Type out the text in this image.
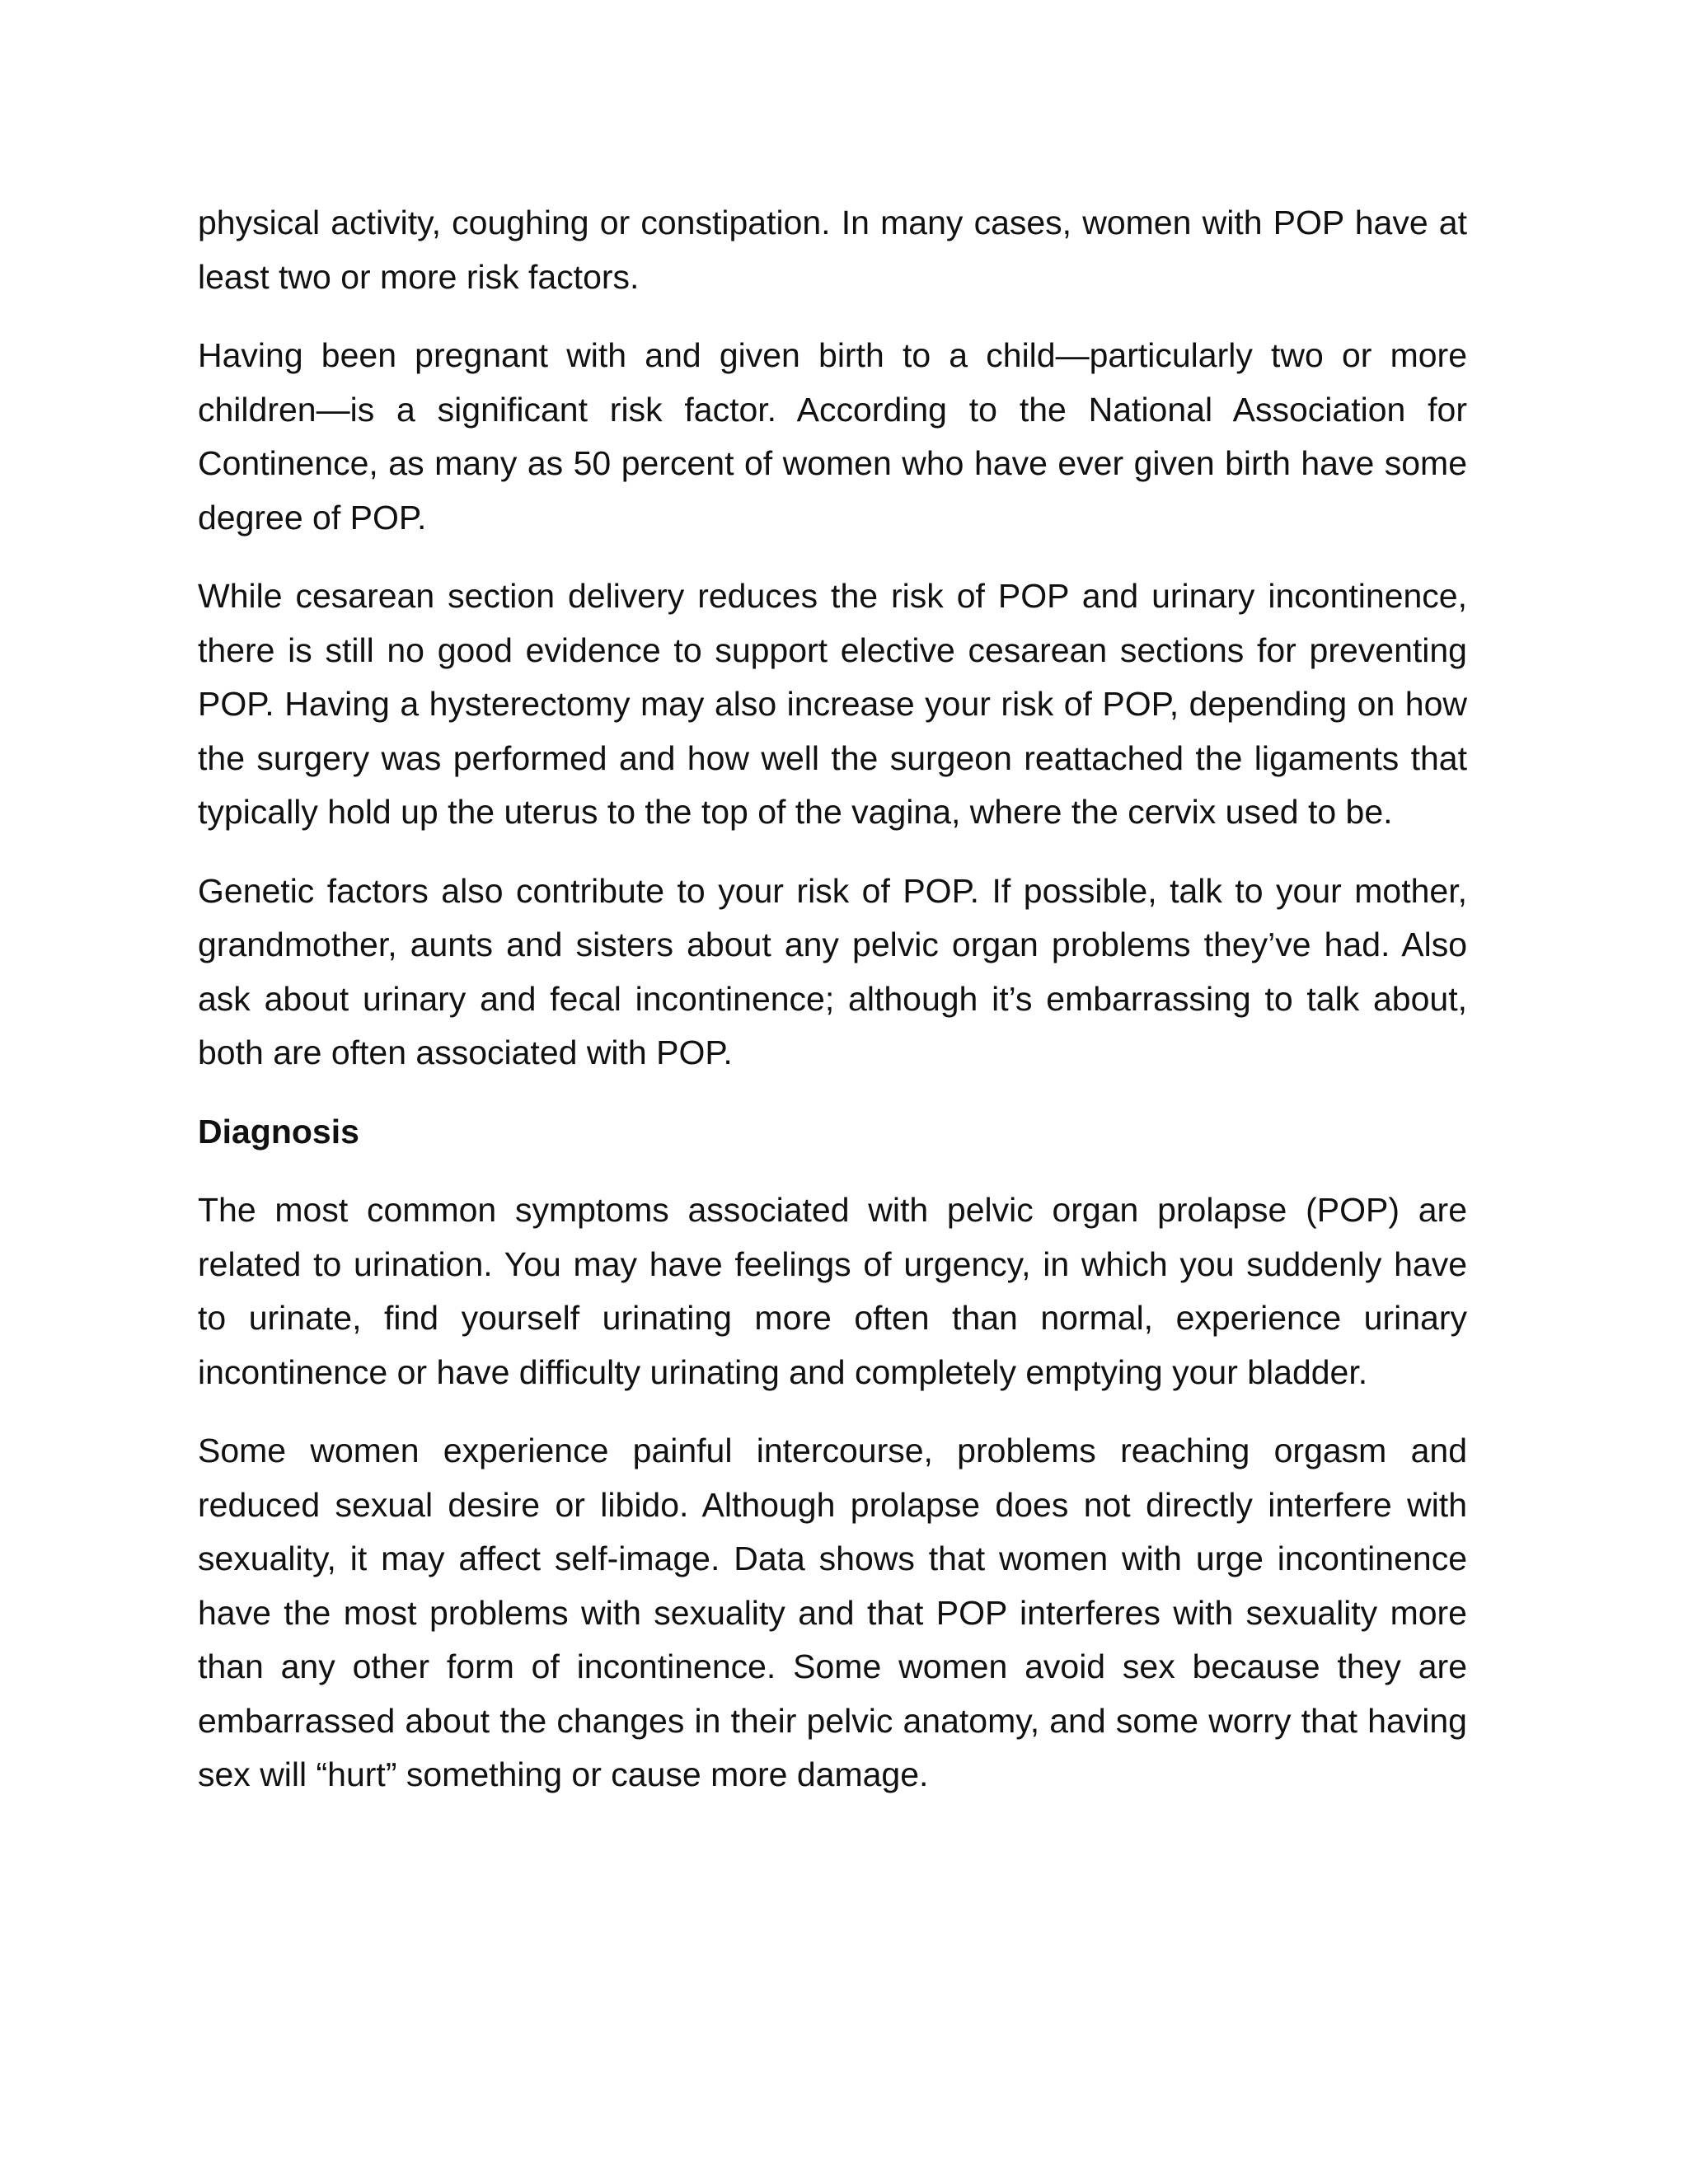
physical activity, coughing or constipation. In many cases, women with POP have at least two or more risk factors.

Having been pregnant with and given birth to a child—particularly two or more children—is a significant risk factor. According to the National Association for Continence, as many as 50 percent of women who have ever given birth have some degree of POP.

While cesarean section delivery reduces the risk of POP and urinary incontinence, there is still no good evidence to support elective cesarean sections for preventing POP. Having a hysterectomy may also increase your risk of POP, depending on how the surgery was performed and how well the surgeon reattached the ligaments that typically hold up the uterus to the top of the vagina, where the cervix used to be.

Genetic factors also contribute to your risk of POP. If possible, talk to your mother, grandmother, aunts and sisters about any pelvic organ problems they’ve had. Also ask about urinary and fecal incontinence; although it’s embarrassing to talk about, both are often associated with POP.

Diagnosis

The most common symptoms associated with pelvic organ prolapse (POP) are related to urination. You may have feelings of urgency, in which you suddenly have to urinate, find yourself urinating more often than normal, experience urinary incontinence or have difficulty urinating and completely emptying your bladder.

Some women experience painful intercourse, problems reaching orgasm and reduced sexual desire or libido. Although prolapse does not directly interfere with sexuality, it may affect self-image. Data shows that women with urge incontinence have the most problems with sexuality and that POP interferes with sexuality more than any other form of incontinence. Some women avoid sex because they are embarrassed about the changes in their pelvic anatomy, and some worry that having sex will “hurt” something or cause more damage.
